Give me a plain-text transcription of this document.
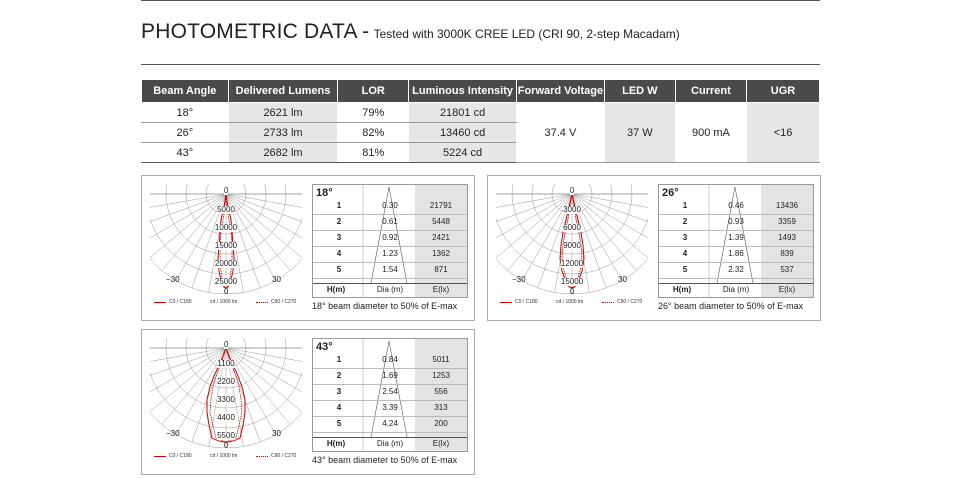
PHOTOMETRIC DATA - Tested with 3000K CREE LED (CRI 90, 2-step Macadam)
Beam Angle	Delivered Lumens	LOR	Luminous Intensity	Forward Voltage	LED W	Current	UGR
18°	2621 lm	79%	21801 cd	37.4 V	37 W	900 mA	<16
26°	2733 lm	82%	13460 cd				
43°	2682 lm	81%	5224 cd				
0
5000
10000
15000
20000
25000
0
−30	30
C0 / C180	cd / 1000 lm	C90 / C270
18°
1	0.30	21791
2	0.61	5448
3	0.92	2421
4	1.23	1362
5	1.54	871
H(m)	Dia (m)	E(lx)
18° beam diameter to 50% of E-max
0
3000
6000
9000
12000
15000
0
−30	30
C0 / C180	cd / 1000 lm	C90 / C270
26°
1	0.46	13436
2	0.93	3359
3	1.39	1493
4	1.86	839
5	2.32	537
H(m)	Dia (m)	E(lx)
26° beam diameter to 50% of E-max
0
1100
2200
3300
4400
5500
0
−30	30
C0 / C180	cd / 1000 lm	C90 / C270
43°
1	0.84	5011
2	1.69	1253
3	2.54	556
4	3.39	313
5	4.24	200
H(m)	Dia (m)	E(lx)
43° beam diameter to 50% of E-max
